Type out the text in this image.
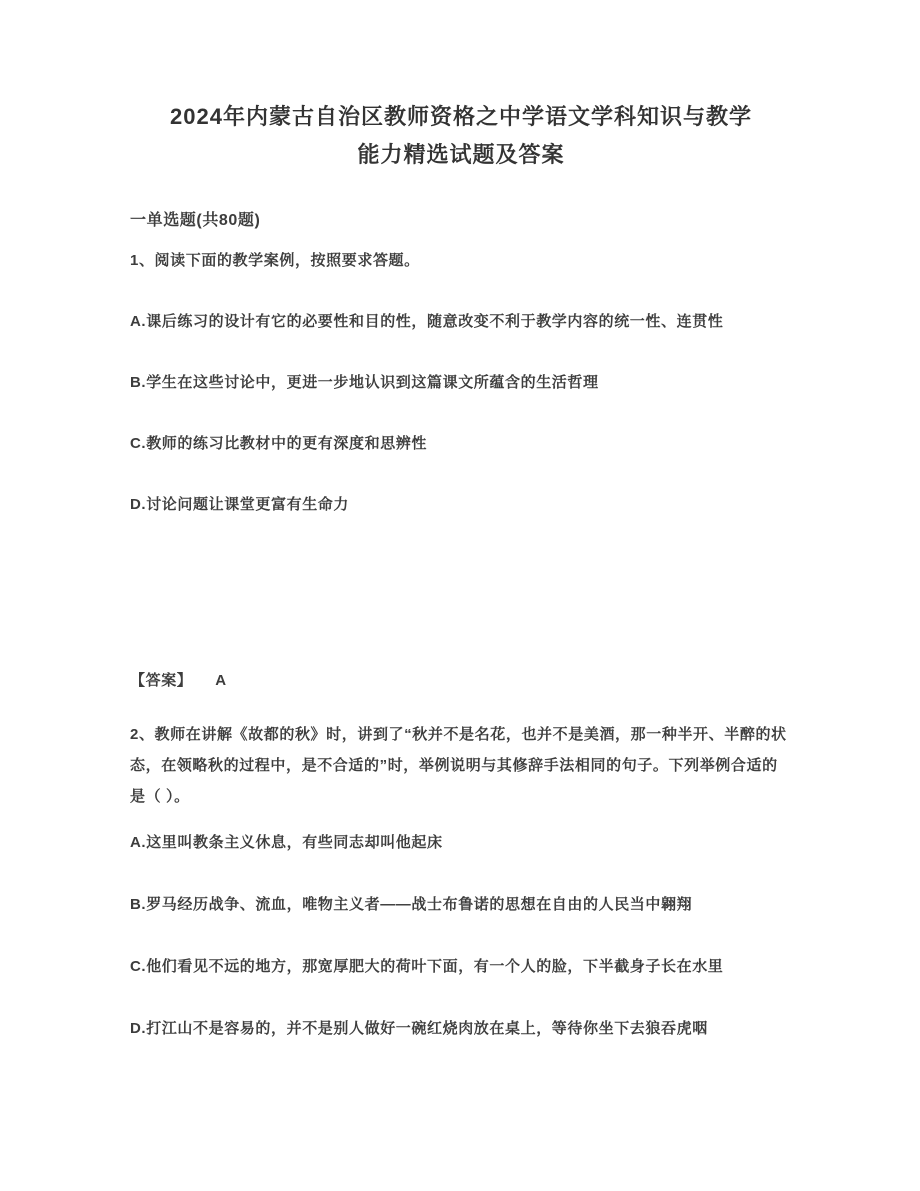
2024年内蒙古自治区教师资格之中学语文学科知识与教学
能力精选试题及答案
一单选题(共80题)
1、阅读下面的教学案例，按照要求答题。
A.课后练习的设计有它的必要性和目的性，随意改变不利于教学内容的统一性、连贯性
B.学生在这些讨论中，更进一步地认识到这篇课文所蕴含的生活哲理
C.教师的练习比教材中的更有深度和思辨性
D.讨论问题让课堂更富有生命力
【答案】 A
2、教师在讲解《故都的秋》时，讲到了“秋并不是名花，也并不是美酒，那一种半开、半醉的状态，在领略秋的过程中，是不合适的”时，举例说明与其修辞手法相同的句子。下列举例合适的是（ ）。
A.这里叫教条主义休息，有些同志却叫他起床
B.罗马经历战争、流血，唯物主义者——战士布鲁诺的思想在自由的人民当中翱翔
C.他们看见不远的地方，那宽厚肥大的荷叶下面，有一个人的脸，下半截身子长在水里
D.打江山不是容易的，并不是别人做好一碗红烧肉放在桌上，等待你坐下去狼吞虎咽
